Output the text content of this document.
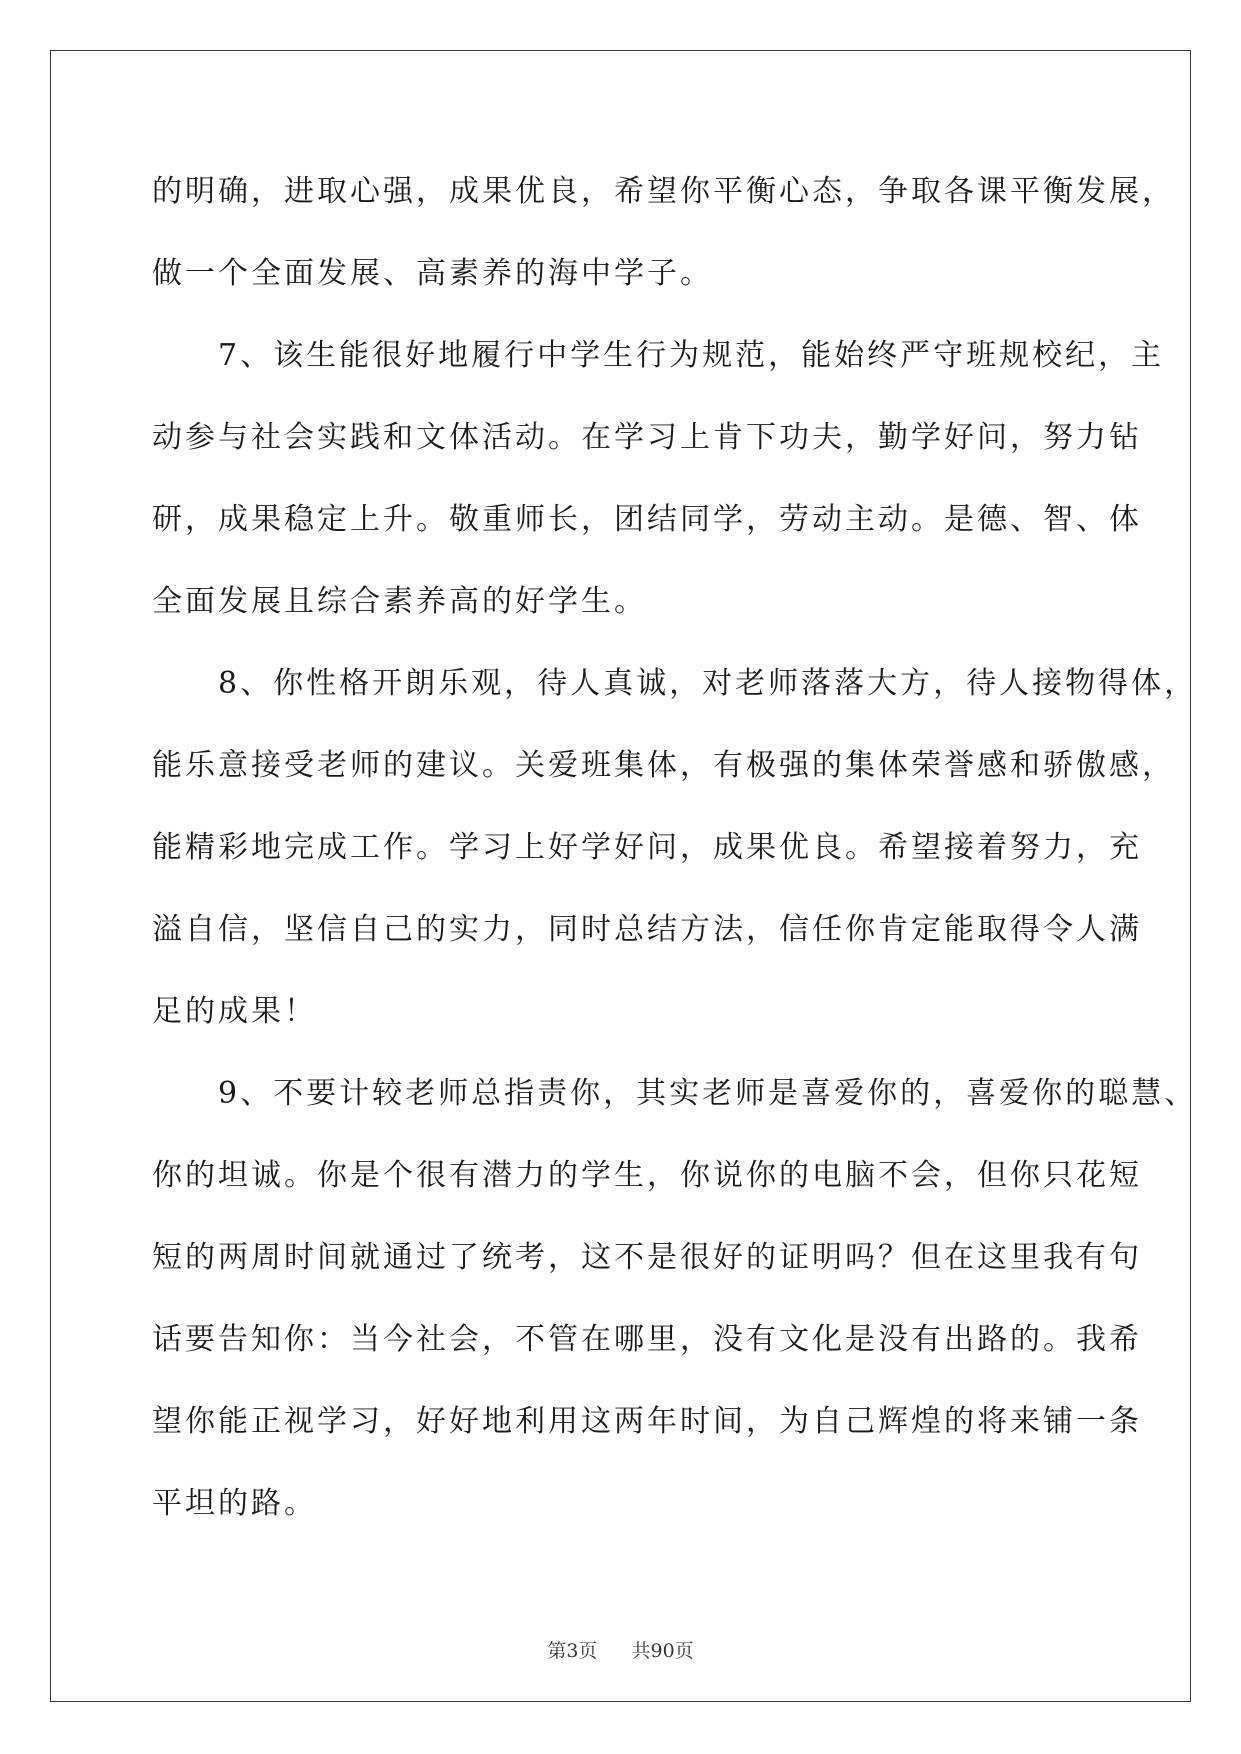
的明确，进取心强，成果优良，希望你平衡心态，争取各课平衡发展，
做一个全面发展、高素养的海中学子。
　　7、该生能很好地履行中学生行为规范，能始终严守班规校纪，主
动参与社会实践和文体活动。在学习上肯下功夫，勤学好问，努力钻
研，成果稳定上升。敬重师长，团结同学，劳动主动。是德、智、体
全面发展且综合素养高的好学生。
　　8、你性格开朗乐观，待人真诚，对老师落落大方，待人接物得体，
能乐意接受老师的建议。关爱班集体，有极强的集体荣誉感和骄傲感，
能精彩地完成工作。学习上好学好问，成果优良。希望接着努力，充
溢自信，坚信自己的实力，同时总结方法，信任你肯定能取得令人满
足的成果！
　　9、不要计较老师总指责你，其实老师是喜爱你的，喜爱你的聪慧、
你的坦诚。你是个很有潜力的学生，你说你的电脑不会，但你只花短
短的两周时间就通过了统考，这不是很好的证明吗？但在这里我有句
话要告知你：当今社会，不管在哪里，没有文化是没有出路的。我希
望你能正视学习，好好地利用这两年时间，为自己辉煌的将来铺一条
平坦的路。
第3页 共90页
